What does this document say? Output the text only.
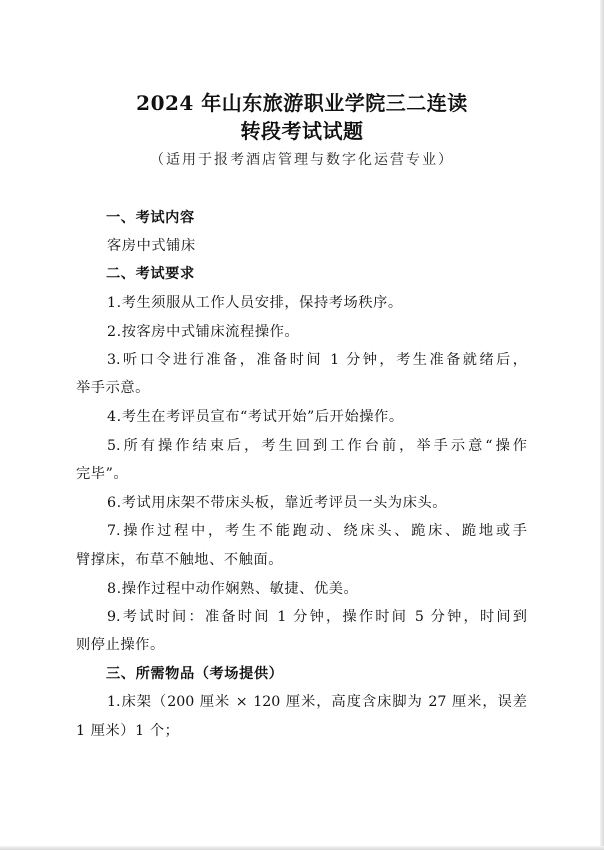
2024 年山东旅游职业学院三二连读
转段考试试题
（适用于报考酒店管理与数字化运营专业）
一、考试内容
客房中式铺床
二、考试要求
1.考生须服从工作人员安排，保持考场秩序。
2.按客房中式铺床流程操作。
3.听口令进行准备，准备时间 1 分钟，考生准备就绪后，
举手示意。
4.考生在考评员宣布“考试开始”后开始操作。
5.所有操作结束后，考生回到工作台前，举手示意“操作
完毕”。
6.考试用床架不带床头板，靠近考评员一头为床头。
7.操作过程中，考生不能跑动、绕床头、跪床、跪地或手
臂撑床，布草不触地、不触面。
8.操作过程中动作娴熟、敏捷、优美。
9.考试时间：准备时间 1 分钟，操作时间 5 分钟，时间到
则停止操作。
三、所需物品（考场提供）
1.床架（200 厘米 × 120 厘米，高度含床脚为 27 厘米，误差
1 厘米）1 个；
